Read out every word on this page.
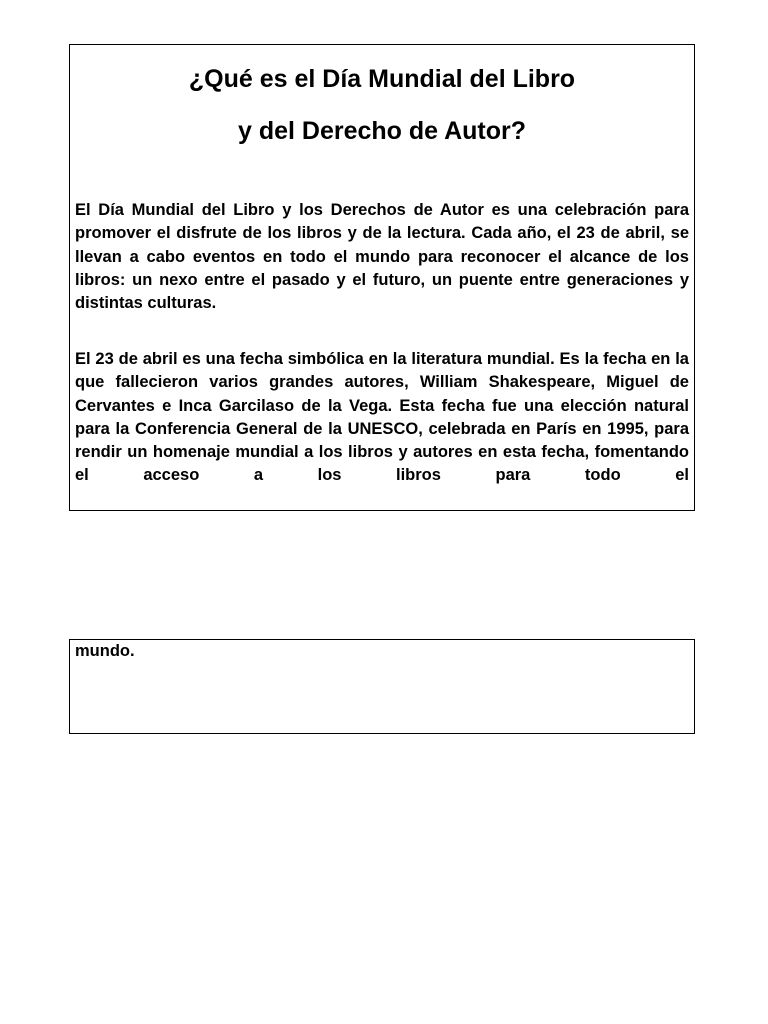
¿Qué es el Día Mundial del Libro

y del Derecho de Autor?

El Día Mundial del Libro y los Derechos de Autor es una celebración para promover el disfrute de los libros y de la lectura. Cada año, el 23 de abril, se llevan a cabo eventos en todo el mundo para reconocer el alcance de los libros: un nexo entre el pasado y el futuro, un puente entre generaciones y distintas culturas.

El 23 de abril es una fecha simbólica en la literatura mundial. Es la fecha en la que fallecieron varios grandes autores, William Shakespeare, Miguel de Cervantes e Inca Garcilaso de la Vega. Esta fecha fue una elección natural para la Conferencia General de la UNESCO, celebrada en París en 1995, para rendir un homenaje mundial a los libros y autores en esta fecha, fomentando el acceso a los libros para todo el

mundo.
